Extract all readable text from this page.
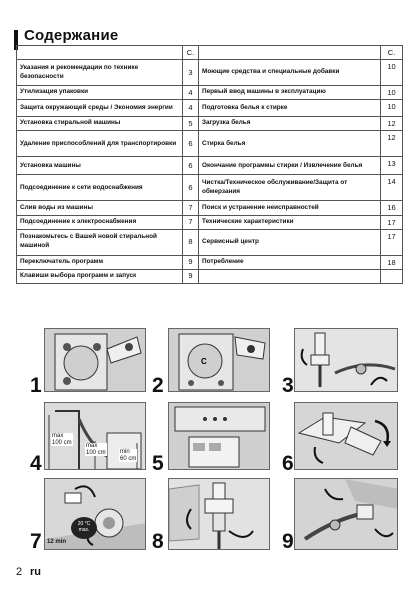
Содержание
	С.		С.
Указания и рекомендации по технике безопасности	3	Моющие средства и специальные добавки	10
Утилизация упаковки	4	Первый ввод машины в эксплуатацию	10
Защита окружающей среды / Экономия энергии	4	Подготовка белья к стирке	10
Установка стиральной машины	5	Загрузка белья	12
Удаление приспособлений для транспортировки	6	Стирка белья	12
Установка машины	6	Окончание программы стирки / Извлечение белья	13
Подсоединение к сети водоснабжения	6	Чистка/Техническое обслуживание/Защита от обмерзания	14
Слив воды из машины	7	Поиск и устранение неисправностей	16
Подсоединение к электроснабжения	7	Технические характеристики	17
Познакомьтесь с Вашей новой стиральной машиной	8	Сервисный центр	17
Переключатель программ	9	Потребление	18
Клавиши выбора программ и запуск	9		
1
C
2	3
max
100 cm
max
100 cm min
60 cm
4	5	6
20 °C
max.
12 min
7	8	9
2 ru
